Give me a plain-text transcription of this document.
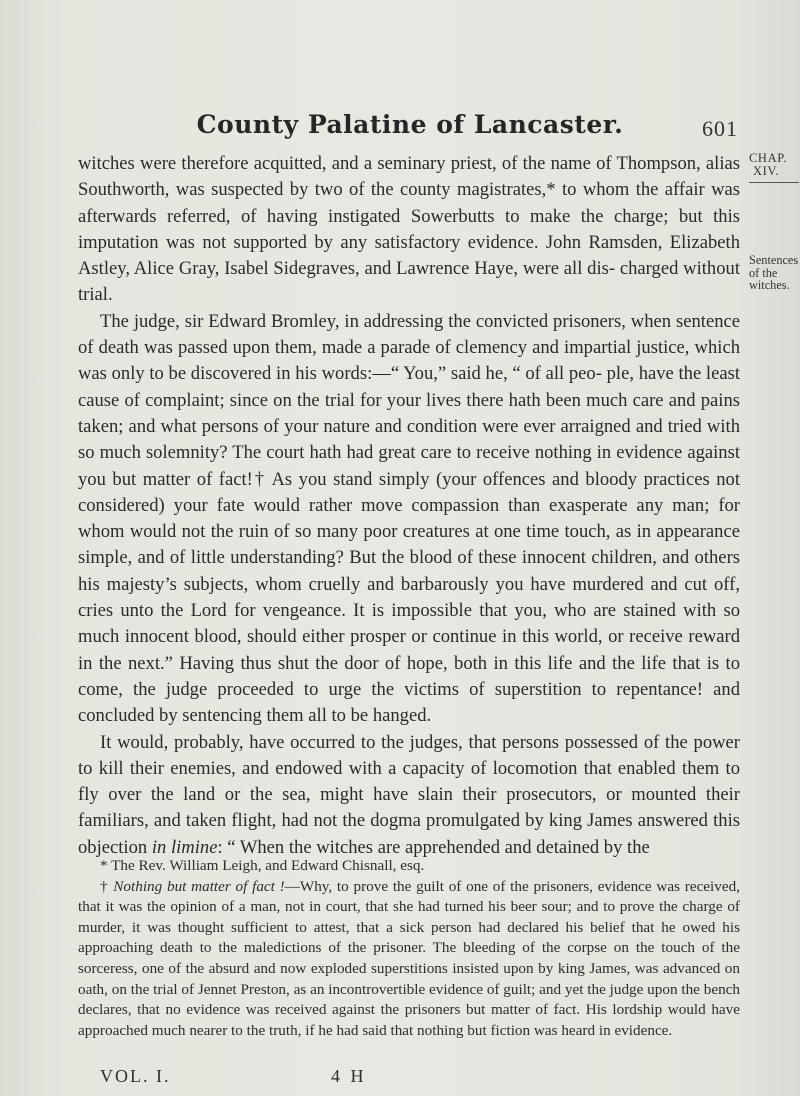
County Palatine of Lancaster.	601
CHAP.
XIV.
Sentences
of the
witches.

witches were therefore acquitted, and a seminary priest, of the name of Thompson, alias Southworth, was suspected by two of the county magistrates,* to whom the affair was afterwards referred, of having instigated Sowerbutts to make the charge; but this imputation was not supported by any satisfactory evidence. John Ramsden, Elizabeth Astley, Alice Gray, Isabel Sidegraves, and Lawrence Haye, were all dis- charged without trial.

The judge, sir Edward Bromley, in addressing the convicted prisoners, when sentence of death was passed upon them, made a parade of clemency and impartial justice, which was only to be discovered in his words:—“ You,” said he, “ of all peo- ple, have the least cause of complaint; since on the trial for your lives there hath been much care and pains taken; and what persons of your nature and condition were ever arraigned and tried with so much solemnity? The court hath had great care to receive nothing in evidence against you but matter of fact!† As you stand simply (your offences and bloody practices not considered) your fate would rather move compassion than exasperate any man; for whom would not the ruin of so many poor creatures at one time touch, as in appearance simple, and of little understanding? But the blood of these innocent children, and others his majesty’s subjects, whom cruelly and barbarously you have murdered and cut off, cries unto the Lord for vengeance. It is impossible that you, who are stained with so much innocent blood, should either prosper or continue in this world, or receive reward in the next.” Having thus shut the door of hope, both in this life and the life that is to come, the judge proceeded to urge the victims of superstition to repentance! and concluded by sentencing them all to be hanged.

It would, probably, have occurred to the judges, that persons possessed of the power to kill their enemies, and endowed with a capacity of locomotion that enabled them to fly over the land or the sea, might have slain their prosecutors, or mounted their familiars, and taken flight, had not the dogma promulgated by king James answered this objection in limine: “ When the witches are apprehended and detained by the

* The Rev. William Leigh, and Edward Chisnall, esq.

† Nothing but matter of fact !—Why, to prove the guilt of one of the prisoners, evidence was received, that it was the opinion of a man, not in court, that she had turned his beer sour; and to prove the charge of murder, it was thought sufficient to attest, that a sick person had declared his belief that he owed his approaching death to the maledictions of the prisoner. The bleeding of the corpse on the touch of the sorceress, one of the absurd and now exploded superstitions insisted upon by king James, was advanced on oath, on the trial of Jennet Preston, as an incontrovertible evidence of guilt; and yet the judge upon the bench declares, that no evidence was received against the prisoners but matter of fact. His lordship would have approached much nearer to the truth, if he had said that nothing but fiction was heard in evidence.

VOL. I.	4 H
